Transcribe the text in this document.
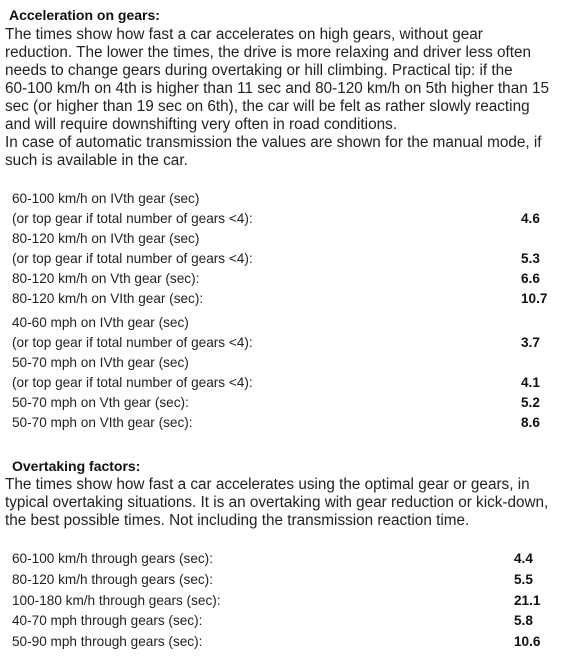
Acceleration on gears:
The times show how fast a car accelerates on high gears, without gear
reduction. The lower the times, the drive is more relaxing and driver less often
needs to change gears during overtaking or hill climbing. Practical tip: if the
60-100 km/h on 4th is higher than 11 sec and 80-120 km/h on 5th higher than 15
sec (or higher than 19 sec on 6th), the car will be felt as rather slowly reacting
and will require downshifting very often in road conditions.
In case of automatic transmission the values are shown for the manual mode, if
such is available in the car.
60-100 km/h on IVth gear (sec)
(or top gear if total number of gears <4):	4.6
80-120 km/h on IVth gear (sec)
(or top gear if total number of gears <4):	5.3
80-120 km/h on Vth gear (sec):	6.6
80-120 km/h on VIth gear (sec):	10.7
40-60 mph on IVth gear (sec)
(or top gear if total number of gears <4):	3.7
50-70 mph on IVth gear (sec)
(or top gear if total number of gears <4):	4.1
50-70 mph on Vth gear (sec):	5.2
50-70 mph on VIth gear (sec):	8.6
Overtaking factors:
The times show how fast a car accelerates using the optimal gear or gears, in
typical overtaking situations. It is an overtaking with gear reduction or kick-down,
the best possible times. Not including the transmission reaction time.
60-100 km/h through gears (sec):	4.4
80-120 km/h through gears (sec):	5.5
100-180 km/h through gears (sec):	21.1
40-70 mph through gears (sec):	5.8
50-90 mph through gears (sec):	10.6
